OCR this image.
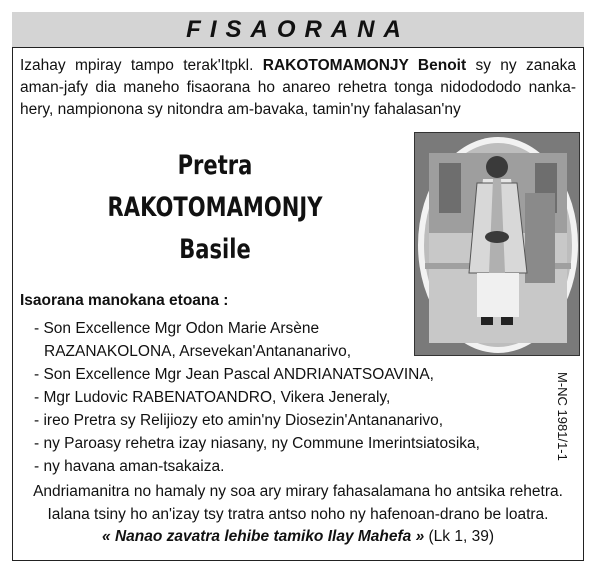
FISAORANA
Izahay mpiray tampo terak'Itpkl. RAKOTOMAMONJY Benoit sy ny zanaka aman-jafy dia maneho fisaorana ho anareo rehetra tonga nidodododo nanka-hery, nampionona sy nitondra am-bavaka, tamin'ny fahalasan'ny
Pretra
RAKOTOMAMONJY
Basile
M-NC 1981/1-1
Isaorana manokana etoana :
- Son Excellence Mgr Odon Marie Arsène
RAZANAKOLONA, Arsevekan'Antananarivo,
- Son Excellence Mgr Jean Pascal ANDRIANATSOAVINA,
- Mgr Ludovic RABENATOANDRO, Vikera Jeneraly,
- ireo Pretra sy Relijiozy eto amin'ny Diosezin'Antananarivo,
- ny Paroasy rehetra izay niasany, ny Commune Imerintsiatosika,
- ny havana aman-tsakaiza.
Andriamanitra no hamaly ny soa ary mirary fahasalamana ho antsika rehetra.
Ialana tsiny ho an'izay tsy tratra antso noho ny hafenoan-drano be loatra.
« Nanao zavatra lehibe tamiko Ilay Mahefa » (Lk 1, 39)
